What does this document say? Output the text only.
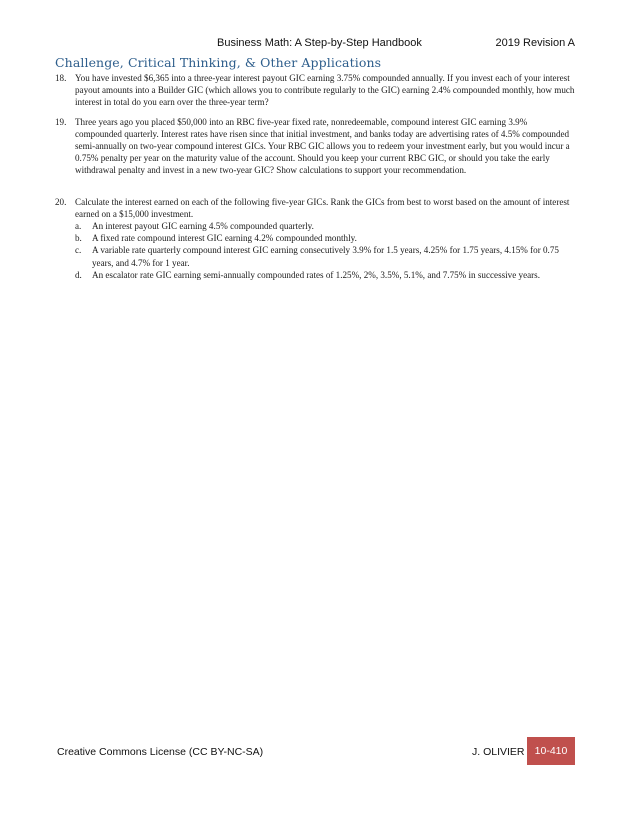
Business Math: A Step-by-Step Handbook	2019 Revision A
Challenge, Critical Thinking, & Other Applications
18. You have invested $6,365 into a three-year interest payout GIC earning 3.75% compounded annually. If you invest each of your interest payout amounts into a Builder GIC (which allows you to contribute regularly to the GIC) earning 2.4% compounded monthly, how much interest in total do you earn over the three-year term?
19. Three years ago you placed $50,000 into an RBC five-year fixed rate, nonredeemable, compound interest GIC earning 3.9% compounded quarterly. Interest rates have risen since that initial investment, and banks today are advertising rates of 4.5% compounded semi-annually on two-year compound interest GICs. Your RBC GIC allows you to redeem your investment early, but you would incur a 0.75% penalty per year on the maturity value of the account. Should you keep your current RBC GIC, or should you take the early withdrawal penalty and invest in a new two-year GIC? Show calculations to support your recommendation.
20. Calculate the interest earned on each of the following five-year GICs. Rank the GICs from best to worst based on the amount of interest earned on a $15,000 investment.
a. An interest payout GIC earning 4.5% compounded quarterly.
b. A fixed rate compound interest GIC earning 4.2% compounded monthly.
c. A variable rate quarterly compound interest GIC earning consecutively 3.9% for 1.5 years, 4.25% for 1.75 years, 4.15% for 0.75 years, and 4.7% for 1 year.
d. An escalator rate GIC earning semi-annually compounded rates of 1.25%, 2%, 3.5%, 5.1%, and 7.75% in successive years.
Creative Commons License (CC BY-NC-SA)	J. OLIVIER 10-410
